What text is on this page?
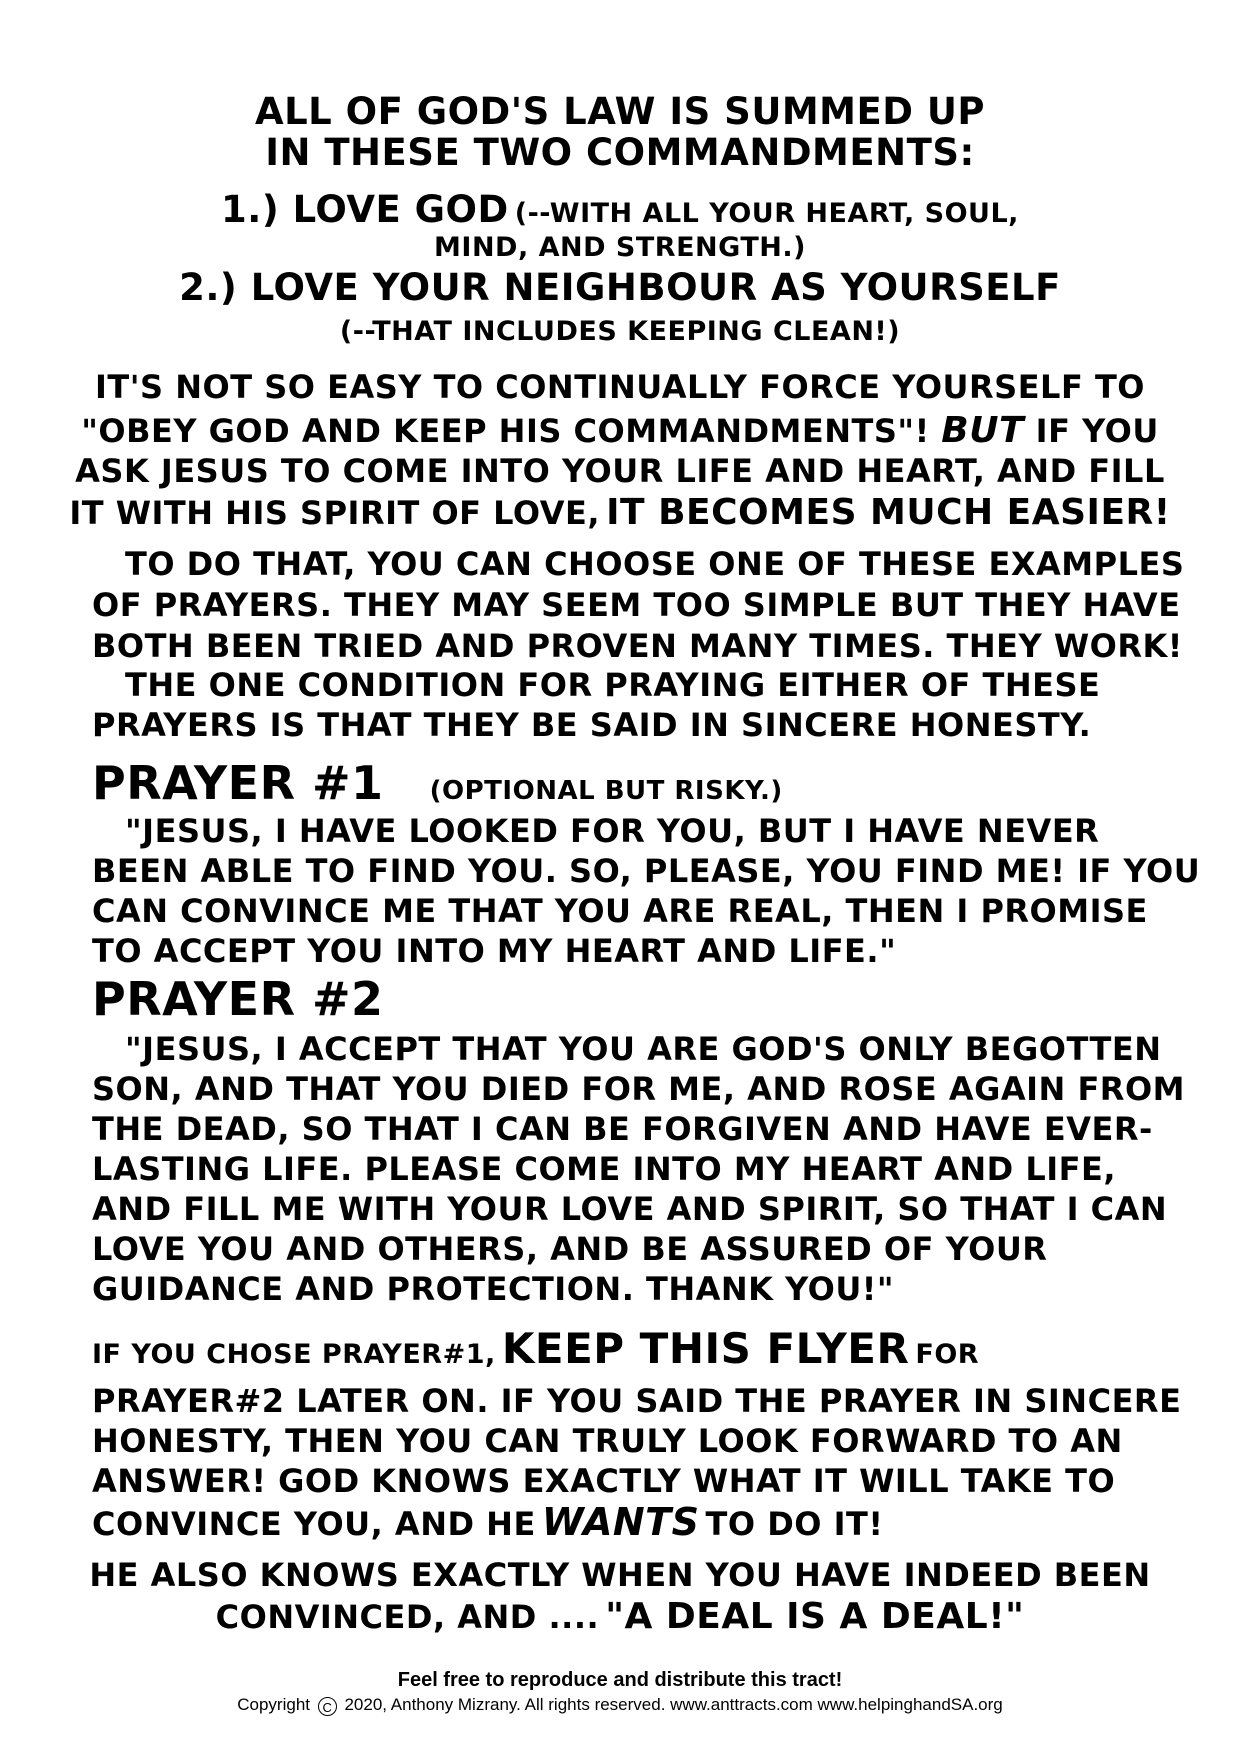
ALL OF GOD'S LAW IS SUMMED UP
IN THESE TWO COMMANDMENTS:
1.) LOVE GOD (--WITH ALL YOUR HEART, SOUL,
MIND, AND STRENGTH.)
2.) LOVE YOUR NEIGHBOUR AS YOURSELF
(--THAT INCLUDES KEEPING CLEAN!)
IT'S NOT SO EASY TO CONTINUALLY FORCE YOURSELF TO
"OBEY GOD AND KEEP HIS COMMANDMENTS"! BUT IF YOU
ASK JESUS TO COME INTO YOUR LIFE AND HEART, AND FILL
IT WITH HIS SPIRIT OF LOVE, IT BECOMES MUCH EASIER!
TO DO THAT, YOU CAN CHOOSE ONE OF THESE EXAMPLES
OF PRAYERS. THEY MAY SEEM TOO SIMPLE BUT THEY HAVE
BOTH BEEN TRIED AND PROVEN MANY TIMES. THEY WORK!
THE ONE CONDITION FOR PRAYING EITHER OF THESE
PRAYERS IS THAT THEY BE SAID IN SINCERE HONESTY.
PRAYER #1 (OPTIONAL BUT RISKY.)
"JESUS, I HAVE LOOKED FOR YOU, BUT I HAVE NEVER
BEEN ABLE TO FIND YOU. SO, PLEASE, YOU FIND ME! IF YOU
CAN CONVINCE ME THAT YOU ARE REAL, THEN I PROMISE
TO ACCEPT YOU INTO MY HEART AND LIFE."
PRAYER #2
"JESUS, I ACCEPT THAT YOU ARE GOD'S ONLY BEGOTTEN
SON, AND THAT YOU DIED FOR ME, AND ROSE AGAIN FROM
THE DEAD, SO THAT I CAN BE FORGIVEN AND HAVE EVER-
LASTING LIFE. PLEASE COME INTO MY HEART AND LIFE,
AND FILL ME WITH YOUR LOVE AND SPIRIT, SO THAT I CAN
LOVE YOU AND OTHERS, AND BE ASSURED OF YOUR
GUIDANCE AND PROTECTION. THANK YOU!"
IF YOU CHOSE PRAYER#1, KEEP THIS FLYER FOR
PRAYER#2 LATER ON. IF YOU SAID THE PRAYER IN SINCERE
HONESTY, THEN YOU CAN TRULY LOOK FORWARD TO AN
ANSWER! GOD KNOWS EXACTLY WHAT IT WILL TAKE TO
CONVINCE YOU, AND HE WANTS TO DO IT!
HE ALSO KNOWS EXACTLY WHEN YOU HAVE INDEED BEEN
CONVINCED, AND .... "A DEAL IS A DEAL!"
Feel free to reproduce and distribute this tract!
Copyright C 2020, Anthony Mizrany. All rights reserved. www.anttracts.com www.helpinghandSA.org
